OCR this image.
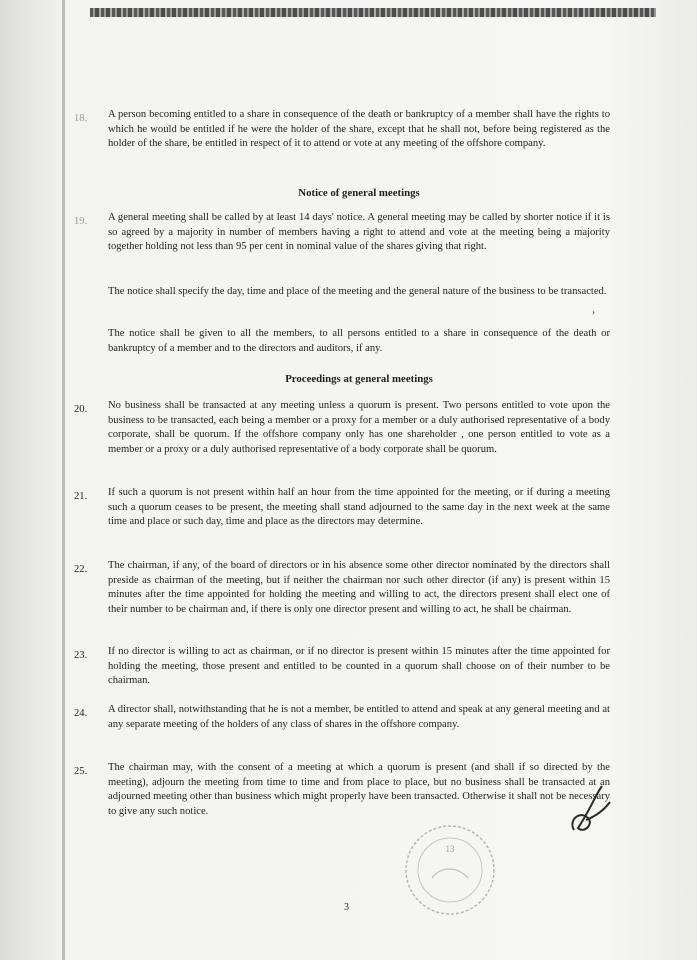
18. A person becoming entitled to a share in consequence of the death or bankruptcy of a member shall have the rights to which he would be entitled if he were the holder of the share, except that he shall not, before being registered as the holder of the share, be entitled in respect of it to attend or vote at any meeting of the offshore company.
Notice of general meetings
19. A general meeting shall be called by at least 14 days' notice. A general meeting may be called by shorter notice if it is so agreed by a majority in number of members having a right to attend and vote at the meeting being a majority together holding not less than 95 per cent in nominal value of the shares giving that right.
The notice shall specify the day, time and place of the meeting and the general nature of the business to be transacted.
›
The notice shall be given to all the members, to all persons entitled to a share in consequence of the death or bankruptcy of a member and to the directors and auditors, if any.
Proceedings at general meetings
20. No business shall be transacted at any meeting unless a quorum is present. Two persons entitled to vote upon the business to be transacted, each being a member or a proxy for a member or a duly authorised representative of a body corporate, shall be quorum. If the offshore company only has one shareholder , one person entitled to vote as a member or a proxy or a duly authorised representative of a body corporate shall be quorum.
21. If such a quorum is not present within half an hour from the time appointed for the meeting, or if during a meeting such a quorum ceases to be present, the meeting shall stand adjourned to the same day in the next week at the same time and place or such day, time and place as the directors may determine.
22. The chairman, if any, of the board of directors or in his absence some other director nominated by the directors shall preside as chairman of the meeting, but if neither the chairman nor such other director (if any) is present within 15 minutes after the time appointed for holding the meeting and willing to act, the directors present shall elect one of their number to be chairman and, if there is only one director present and willing to act, he shall be chairman.
23. If no director is willing to act as chairman, or if no director is present within 15 minutes after the time appointed for holding the meeting, those present and entitled to be counted in a quorum shall choose on of their number to be chairman.
24. A director shall, notwithstanding that he is not a member, be entitled to attend and speak at any general meeting and at any separate meeting of the holders of any class of shares in the offshore company.
25. The chairman may, with the consent of a meeting at which a quorum is present (and shall if so directed by the meeting), adjourn the meeting from time to time and from place to place, but no business shall be transacted at an adjourned meeting other than business which might properly have been transacted. Otherwise it shall not be necessary to give any such notice.
13
3
